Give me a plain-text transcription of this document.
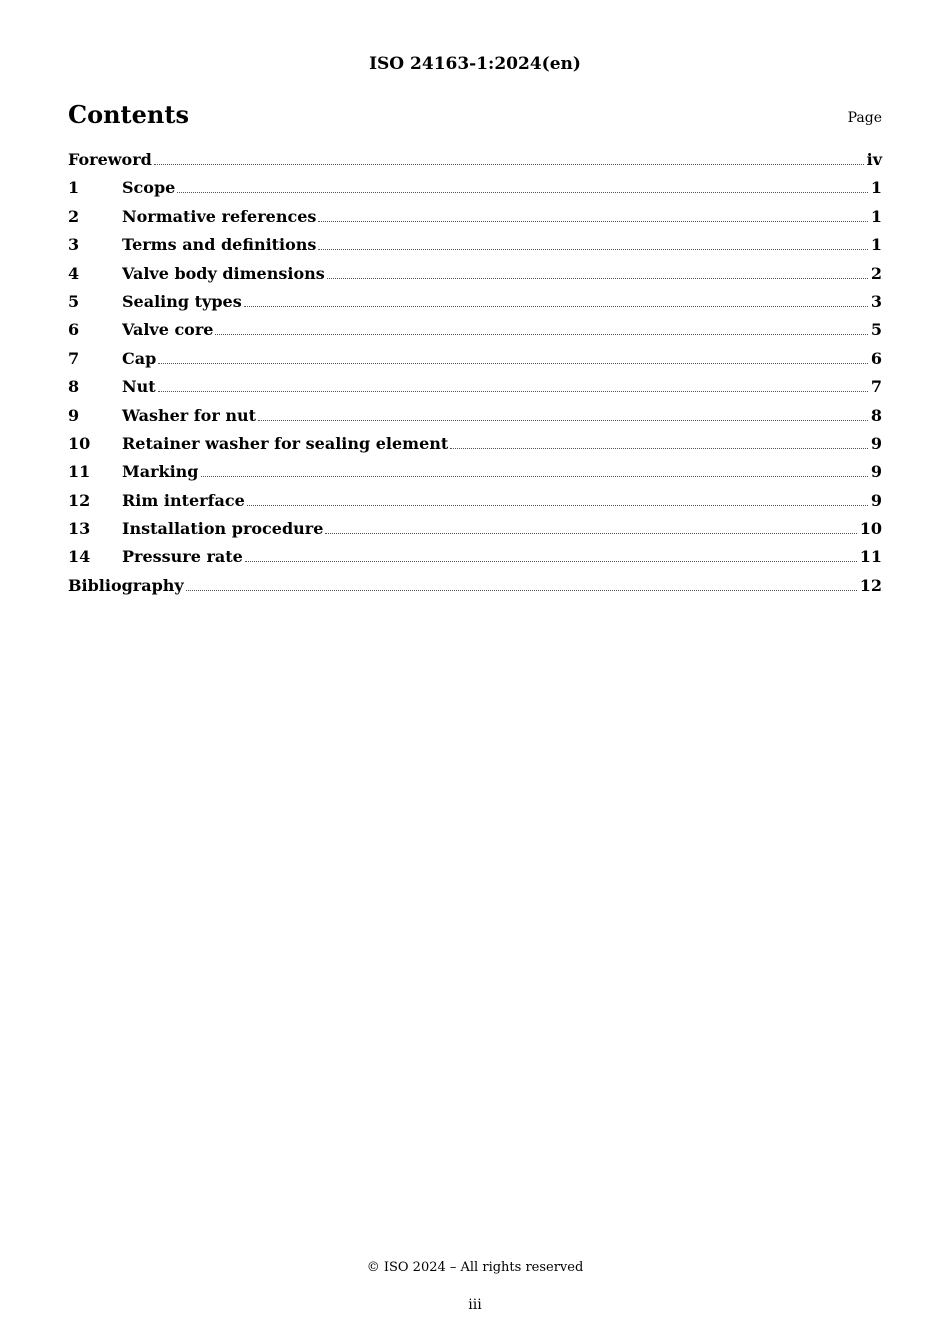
ISO 24163-1:2024(en)
Contents	Page
Foreword	iv
1	Scope	1
2	Normative references	1
3	Terms and definitions	1
4	Valve body dimensions	2
5	Sealing types	3
6	Valve core	5
7	Cap	6
8	Nut	7
9	Washer for nut	8
10	Retainer washer for sealing element	9
11	Marking	9
12	Rim interface	9
13	Installation procedure	10
14	Pressure rate	11
Bibliography	12
© ISO 2024 – All rights reserved
iii
